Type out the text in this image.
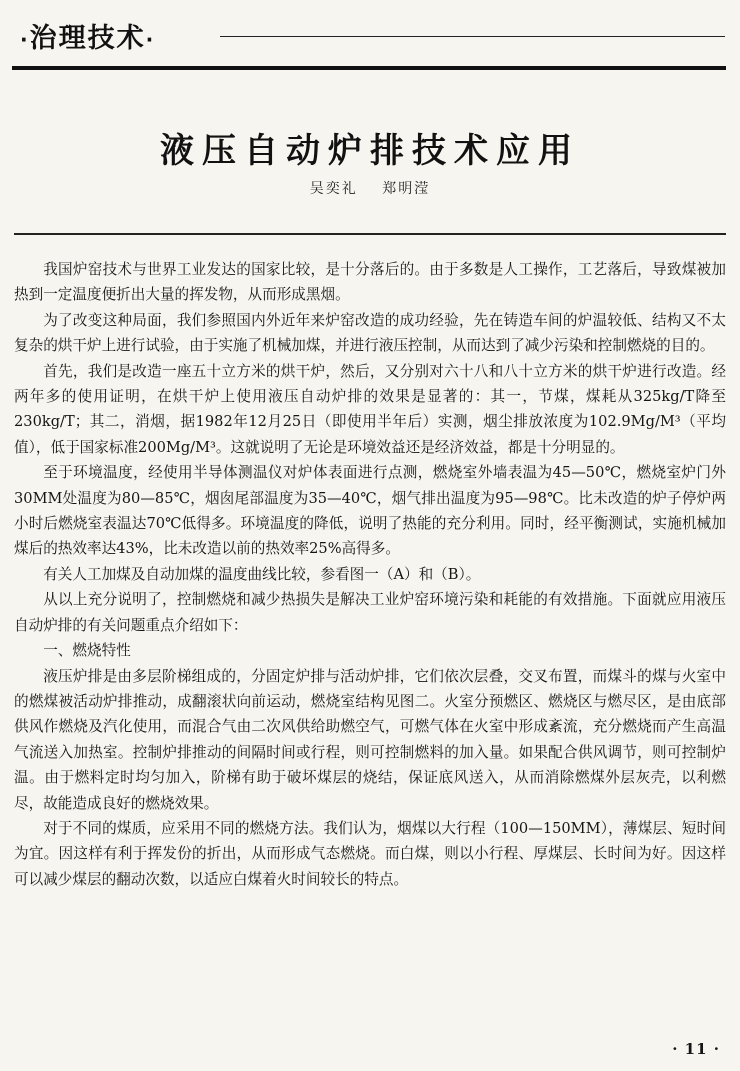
·治理技术·
液压自动炉排技术应用
吴奕礼 郑明滢

我国炉窑技术与世界工业发达的国家比较，是十分落后的。由于多数是人工操作，工艺落后，导致煤被加热到一定温度便折出大量的挥发物，从而形成黑烟。

为了改变这种局面，我们参照国内外近年来炉窑改造的成功经验，先在铸造车间的炉温较低、结构又不太复杂的烘干炉上进行试验，由于实施了机械加煤，并进行液压控制，从而达到了减少污染和控制燃烧的目的。

首先，我们是改造一座五十立方米的烘干炉，然后，又分别对六十八和八十立方米的烘干炉进行改造。经两年多的使用证明，在烘干炉上使用液压自动炉排的效果是显著的：其一，节煤，煤耗从325kg/T降至230kg/T；其二，消烟，据1982年12月25日（即使用半年后）实测，烟尘排放浓度为102.9Mg/M³（平均值），低于国家标准200Mg/M³。这就说明了无论是环境效益还是经济效益，都是十分明显的。

至于环境温度，经使用半导体测温仪对炉体表面进行点测，燃烧室外墙表温为45—50℃，燃烧室炉门外30MM处温度为80—85℃，烟囱尾部温度为35—40℃，烟气排出温度为95—98℃。比未改造的炉子停炉两小时后燃烧室表温达70℃低得多。环境温度的降低，说明了热能的充分利用。同时，经平衡测试，实施机械加煤后的热效率达43%，比未改造以前的热效率25%高得多。

有关人工加煤及自动加煤的温度曲线比较，参看图一（A）和（B）。

从以上充分说明了，控制燃烧和减少热损失是解决工业炉窑环境污染和耗能的有效措施。下面就应用液压自动炉排的有关问题重点介绍如下：

一、燃烧特性

液压炉排是由多层阶梯组成的，分固定炉排与活动炉排，它们依次层叠，交叉布置，而煤斗的煤与火室中的燃煤被活动炉排推动，成翻滚状向前运动，燃烧室结构见图二。火室分预燃区、燃烧区与燃尽区，是由底部供风作燃烧及汽化使用，而混合气由二次风供给助燃空气，可燃气体在火室中形成紊流，充分燃烧而产生高温气流送入加热室。控制炉排推动的间隔时间或行程，则可控制燃料的加入量。如果配合供风调节，则可控制炉温。由于燃料定时均匀加入，阶梯有助于破坏煤层的烧结，保证底风送入，从而消除燃煤外层灰壳，以利燃尽，故能造成良好的燃烧效果。

对于不同的煤质，应采用不同的燃烧方法。我们认为，烟煤以大行程（100—150MM），薄煤层、短时间为宜。因这样有利于挥发份的折出，从而形成气态燃烧。而白煤，则以小行程、厚煤层、长时间为好。因这样可以减少煤层的翻动次数，以适应白煤着火时间较长的特点。

· 11 ·
